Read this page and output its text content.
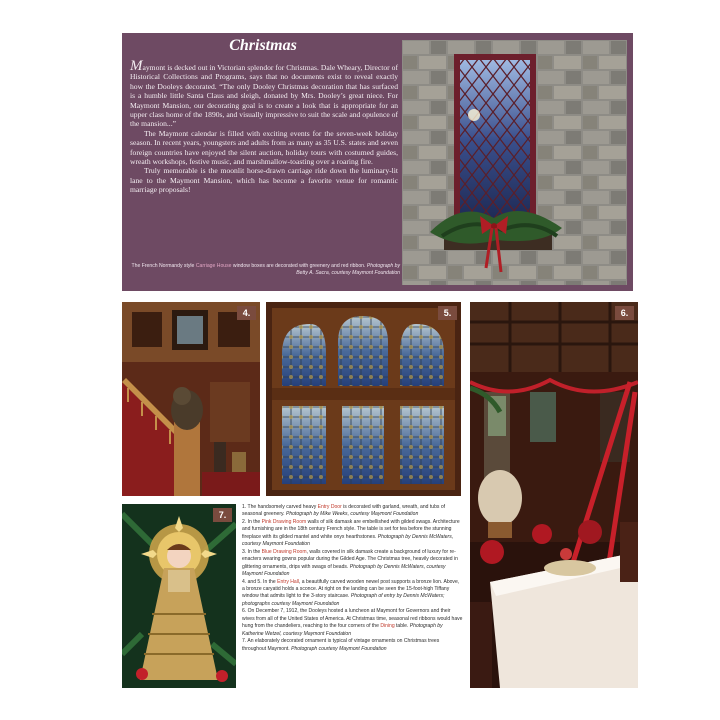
Christmas

Maymont is decked out in Victorian splendor for Christmas. Dale Wheary, Director of Historical Collections and Programs, says that no documents exist to reveal exactly how the Dooleys decorated. “The only Dooley Christmas decoration that has surfaced is a humble little Santa Claus and sleigh, donated by Mrs. Dooley’s great niece. For Maymont Mansion, our decorating goal is to create a look that is appropriate for an upper class home of the 1890s, and visually impressive to suit the scale and opulence of the mansion...”

The Maymont calendar is filled with exciting events for the seven-week holiday season. In recent years, youngsters and adults from as many as 35 U.S. states and seven foreign countries have enjoyed the silent auction, holiday tours with costumed guides, wreath workshops, festive music, and marshmallow-toasting over a roaring fire.

Truly memorable is the moonlit horse-drawn carriage ride down the luminary-lit lane to the Maymont Mansion, which has become a favorite venue for romantic marriage proposals!

The French Normandy style Carriage House window boxes are decorated with greenery and red ribbon. Photograph by Betty A. Sacra, courtesy Maymont Foundation
4.	5.	6.
7.

1. The handsomely carved heavy Entry Door is decorated with garland, wreath, and tubs of seasonal greenery. Photograph by Mike Weeks, courtesy Maymont Foundation

2. In the Pink Drawing Room walls of silk damask are embellished with gilded swags. Architecture and furnishing are in the 18th century French style. The table is set for tea before the stunning fireplace with its gilded mantel and white onyx hearthstones. Photograph by Dennis McWaters, courtesy Maymont Foundation

3. In the Blue Drawing Room, walls covered in silk damask create a background of luxury for re-enacters wearing gowns popular during the Gilded Age. The Christmas tree, heavily decorated in glittering ornaments, drips with swags of beads. Photograph by Dennis McWaters, courtesy Maymont Foundation

4. and 5. In the Entry Hall, a beautifully carved wooden newel post supports a bronze lion. Above, a bronze caryatid holds a sconce. At right on the landing can be seen the 15-foot-high Tiffany window that admits light to the 3-story staircase. Photograph of entry by Dennis McWaters; photographs courtesy Maymont Foundation

6. On December 7, 1912, the Dooleys hosted a luncheon at Maymont for Governors and their wives from all of the United States of America. At Christmas time, seasonal red ribbons would have hung from the chandeliers, reaching to the four corners of the Dining table. Photograph by Katherine Wetzel, courtesy Maymont Foundation

7. An elaborately decorated ornament is typical of vintage ornaments on Christmas trees throughout Maymont. Photograph courtesy Maymont Foundation
